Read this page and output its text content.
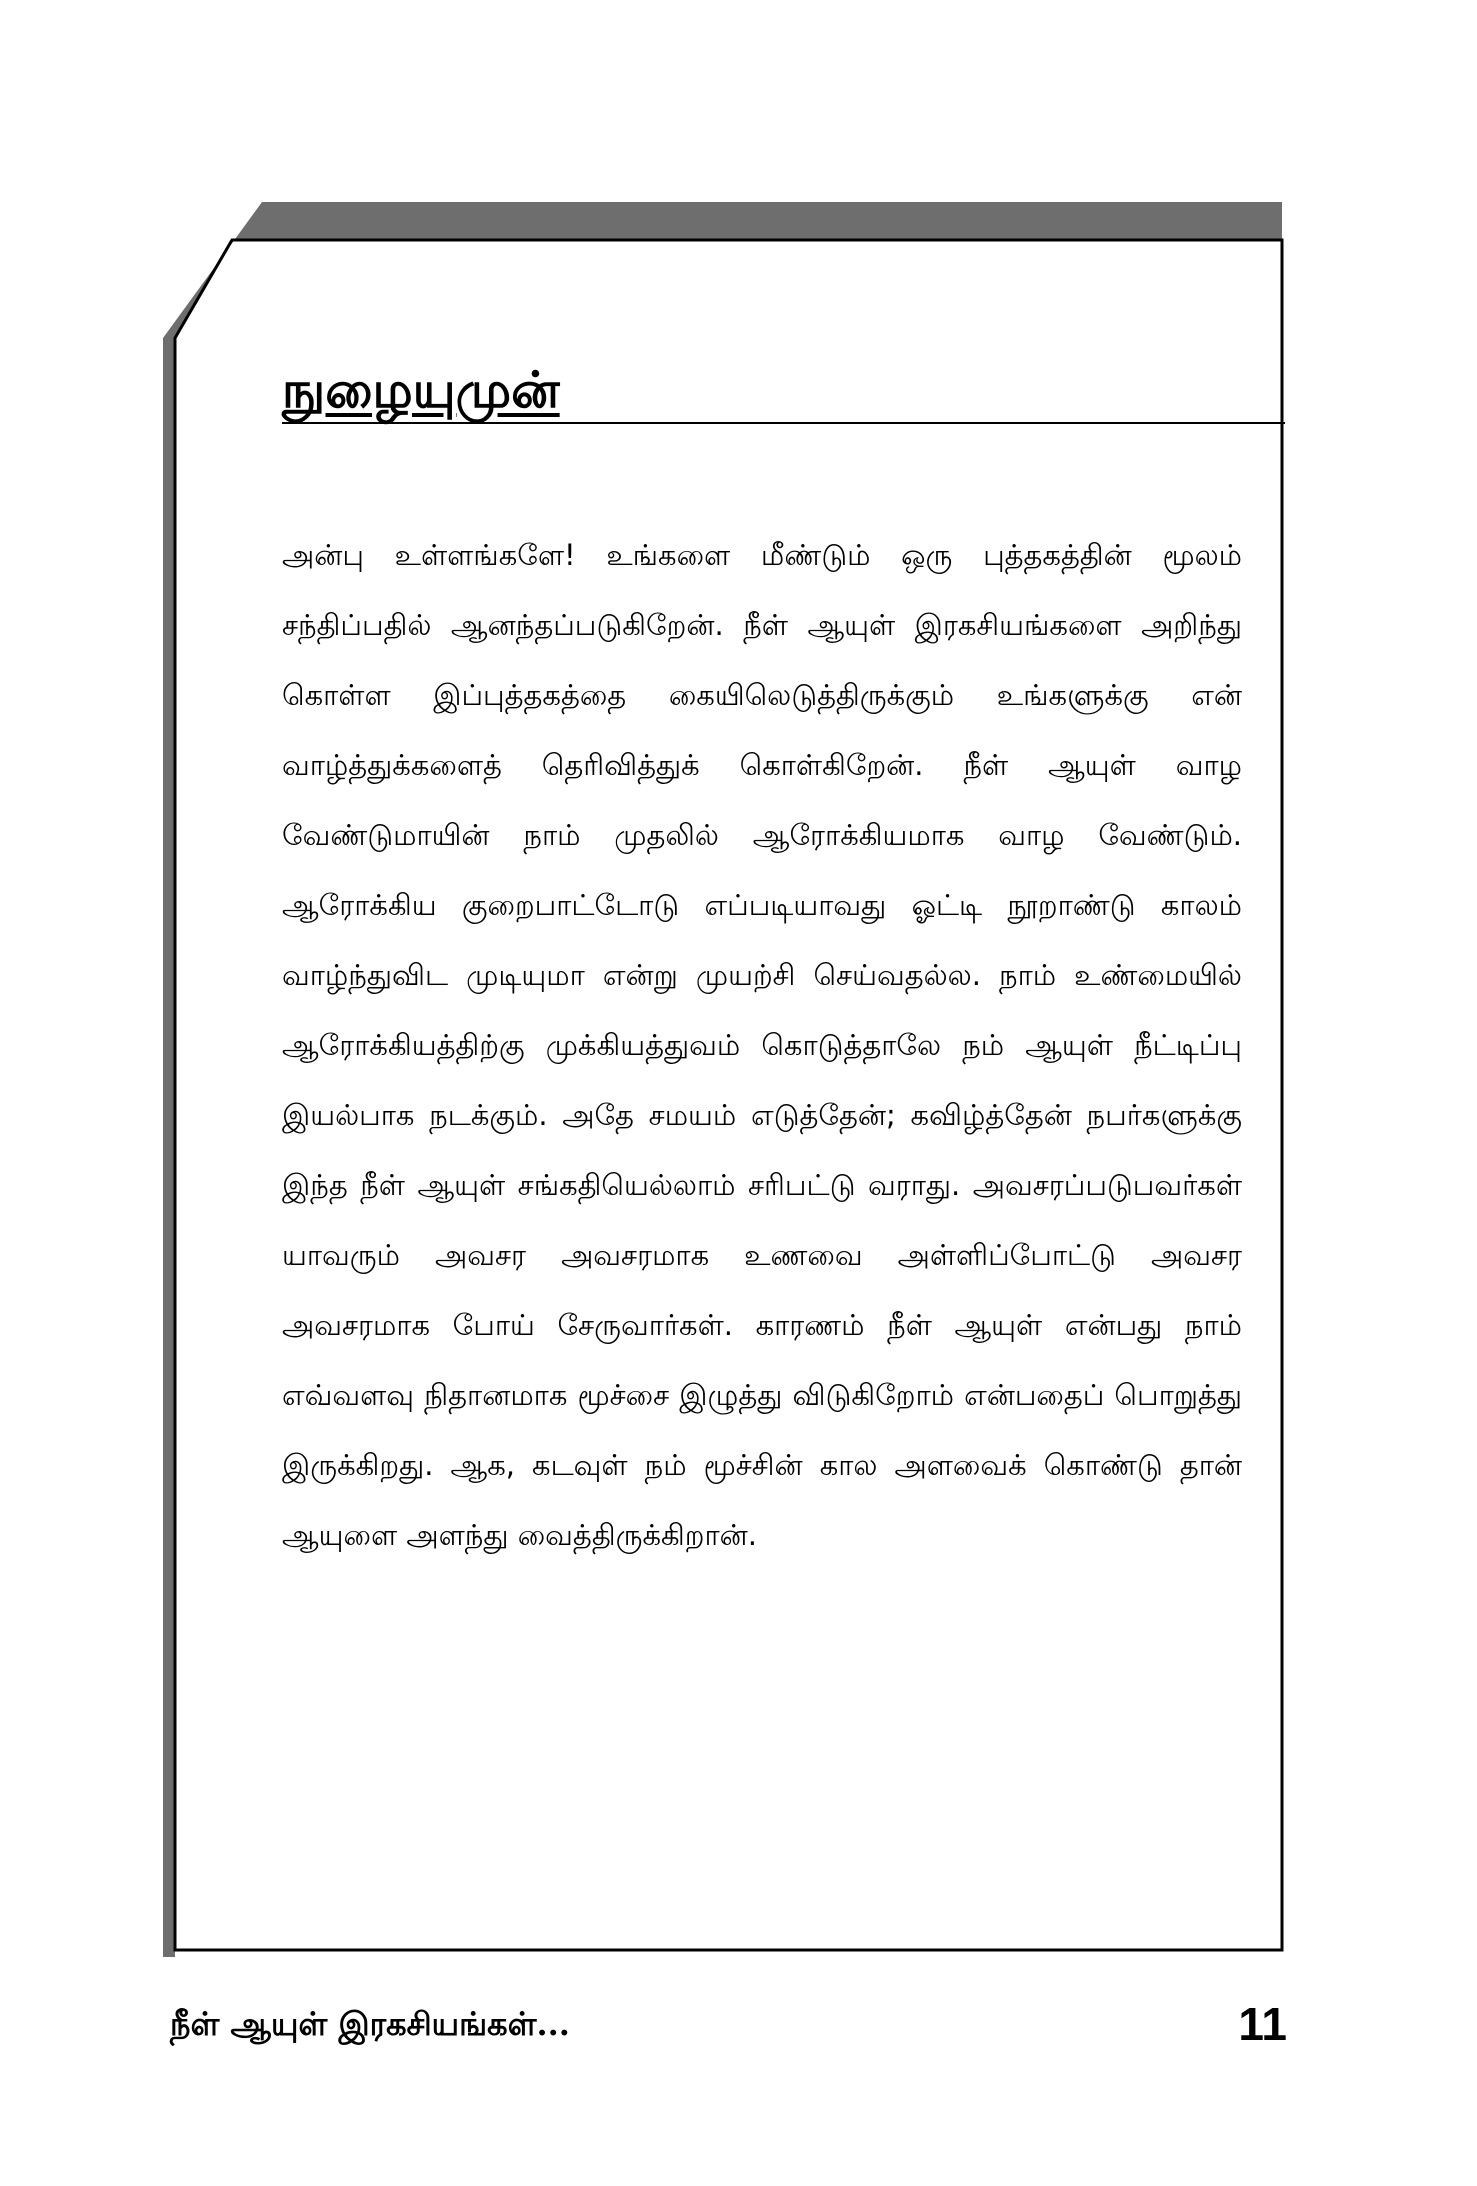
நுழையுமுன்

அன்பு உள்ளங்களே! உங்களை மீண்டும் ஒரு புத்தகத்தின் மூலம் சந்திப்பதில் ஆனந்தப்படுகிறேன். நீள் ஆயுள் இரகசியங்களை அறிந்து கொள்ள இப்புத்தகத்தை கையிலெடுத்திருக்கும் உங்களுக்கு என் வாழ்த்துக்களைத் தெரிவித்துக் கொள்கிறேன். நீள் ஆயுள் வாழ வேண்டுமாயின் நாம் முதலில் ஆரோக்கியமாக வாழ வேண்டும். ஆரோக்கிய குறைபாட்டோடு எப்படியாவது ஓட்டி நூறாண்டு காலம் வாழ்ந்துவிட முடியுமா என்று முயற்சி செய்வதல்ல. நாம் உண்மையில் ஆரோக்கியத்திற்கு முக்கியத்துவம் கொடுத்தாலே நம் ஆயுள் நீட்டிப்பு இயல்பாக நடக்கும். அதே சமயம் எடுத்தேன்; கவிழ்த்தேன் நபர்களுக்கு இந்த நீள் ஆயுள் சங்கதியெல்லாம் சரிபட்டு வராது. அவசரப்படுபவர்கள் யாவரும் அவசர அவசரமாக உணவை அள்ளிப்போட்டு அவசர அவசரமாக போய் சேருவார்கள். காரணம் நீள் ஆயுள் என்பது நாம் எவ்வளவு நிதானமாக மூச்சை இழுத்து விடுகிறோம் என்பதைப் பொறுத்து இருக்கிறது. ஆக, கடவுள் நம் மூச்சின் கால அளவைக் கொண்டு தான் ஆயுளை அளந்து வைத்திருக்கிறான்.

நீள் ஆயுள் இரகசியங்கள்...	11
